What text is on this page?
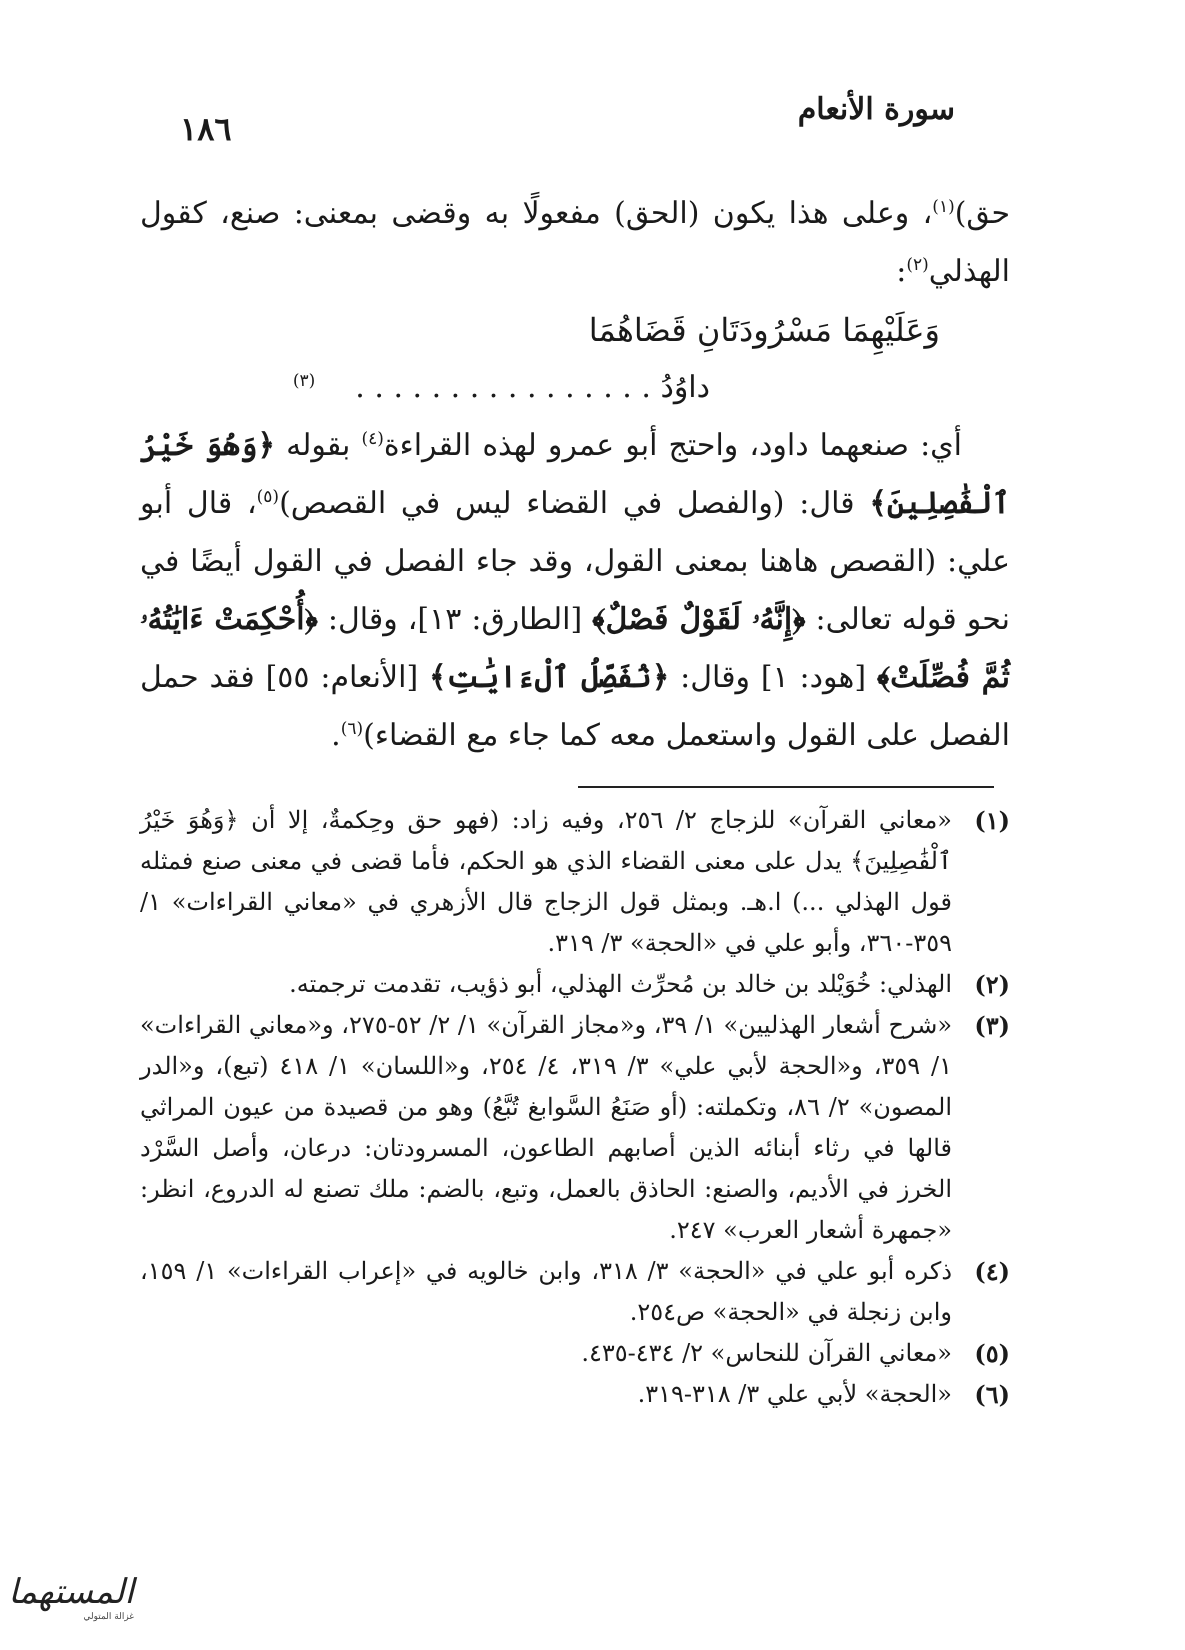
١٨٦
سورة الأنعام

حق)$^{(١)}$، وعلى هذا يكون (الحق) مفعولًا به وقضى بمعنى: صنع، كقول الهذلي$^{(٢)}$:

وَعَلَيْهِمَا مَسْرُودَتَانِ قَضَاهُمَا

داوُدُ . . . . . . . . . . . . . . . .$^{(٣)}$

أي: صنعهما داود، واحتج أبو عمرو لهذه القراءة$^{(٤)}$ بقوله ﴿وَهُوَ خَيْرُ ٱلْفَٰصِلِينَ﴾ قال: (والفصل في القضاء ليس في القصص)$^{(٥)}$، قال أبو علي: (القصص هاهنا بمعنى القول، وقد جاء الفصل في القول أيضًا في نحو قوله تعالى: ﴿إِنَّهُۥ لَقَوْلٌ فَصْلٌ﴾ [الطارق: ١٣]، وقال: ﴿أُحْكِمَتْ ءَايَٰتُهُۥ ثُمَّ فُصِّلَتْ﴾ [هود: ١] وقال: ﴿نُفَصِّلُ ٱلْءَايَٰتِ﴾ [الأنعام: ٥٥] فقد حمل الفصل على القول واستعمل معه كما جاء مع القضاء)$^{(٦)}$.

(١)
«معاني القرآن» للزجاج ٢/ ٢٥٦، وفيه زاد: (فهو حق وحِكمةٌ، إلا أن ﴿وَهُوَ خَيْرُ ٱلْفَٰصِلِينَ﴾ يدل على معنى القضاء الذي هو الحكم، فأما قضى في معنى صنع فمثله قول الهذلي ...) ا.هـ. وبمثل قول الزجاج قال الأزهري في «معاني القراءات» ١/ ٣٥٩-٣٦٠، وأبو علي في «الحجة» ٣/ ٣١٩.
(٢)
الهذلي: خُوَيْلد بن خالد بن مُحرِّث الهذلي، أبو ذؤيب، تقدمت ترجمته.
(٣)
«شرح أشعار الهذليين» ١/ ٣٩، و«مجاز القرآن» ١/ ٢/ ٥٢-٢٧٥، و«معاني القراءات» ١/ ٣٥٩، و«الحجة لأبي علي» ٣/ ٣١٩، ٤/ ٢٥٤، و«اللسان» ١/ ٤١٨ (تبع)، و«الدر المصون» ٢/ ٨٦، وتكملته: (أو صَنَعُ السَّوابغ تُبَّعُ) وهو من قصيدة من عيون المراثي قالها في رثاء أبنائه الذين أصابهم الطاعون، المسرودتان: درعان، وأصل السَّرْد الخرز في الأديم، والصنع: الحاذق بالعمل، وتبع، بالضم: ملك تصنع له الدروع، انظر: «جمهرة أشعار العرب» ٢٤٧.
(٤)
ذكره أبو علي في «الحجة» ٣/ ٣١٨، وابن خالويه في «إعراب القراءات» ١/ ١٥٩، وابن زنجلة في «الحجة» ص٢٥٤.
(٥)
«معاني القرآن للنحاس» ٢/ ٤٣٤-٤٣٥.
(٦)
«الحجة» لأبي علي ٣/ ٣١٨-٣١٩.
المستهما
غزالة المتولي
